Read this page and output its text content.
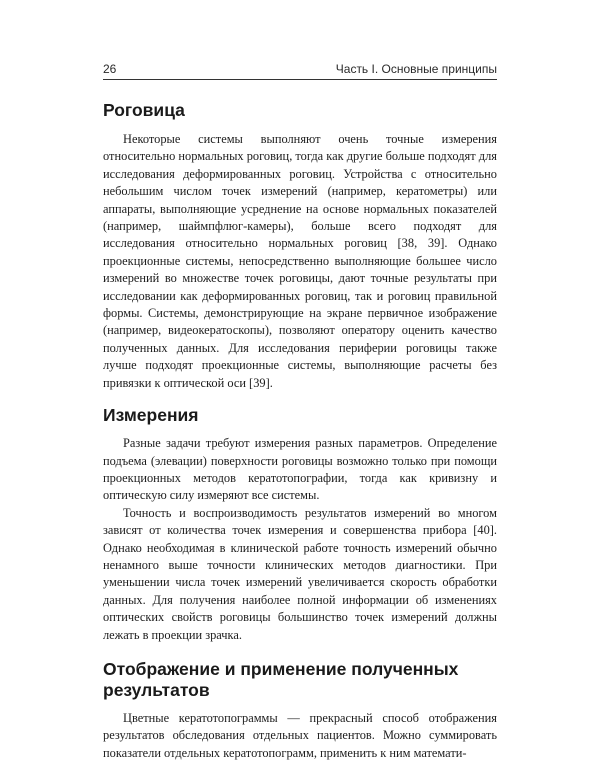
26	Часть I. Основные принципы
Роговица

Некоторые системы выполняют очень точные измерения относительно нормальных роговиц, тогда как другие больше подходят для исследования деформированных роговиц. Устройства с относительно небольшим числом точек измерений (например, кератометры) или аппараты, выполняющие усреднение на основе нормальных показателей (например, шаймпфлюг-камеры), больше всего подходят для исследования относительно нормальных роговиц [38, 39]. Однако проекционные системы, непосредственно выполняющие большее число измерений во множестве точек роговицы, дают точные результаты при исследовании как деформированных роговиц, так и роговиц правильной формы. Системы, демонстрирующие на экране первичное изображение (например, видеокератоскопы), позволяют оператору оценить качество полученных данных. Для исследования периферии роговицы также лучше подходят проекционные системы, выполняющие расчеты без привязки к оптической оси [39].

Измерения

Разные задачи требуют измерения разных параметров. Определение подъема (элевации) поверхности роговицы возможно только при помощи проекционных методов кератотопографии, тогда как кривизну и оптическую силу измеряют все системы.

Точность и воспроизводимость результатов измерений во многом зависят от количества точек измерения и совершенства прибора [40]. Однако необходимая в клинической работе точность измерений обычно ненамного выше точности клинических методов диагностики. При уменьшении числа точек измерений увеличивается скорость обработки данных. Для получения наиболее полной информации об изменениях оптических свойств роговицы большинство точек измерений должны лежать в проекции зрачка.

Отображение и применение полученных результатов

Цветные кератотопограммы — прекрасный способ отображения результатов обследования отдельных пациентов. Можно суммировать показатели отдельных кератотопограмм, применить к ним математи-
